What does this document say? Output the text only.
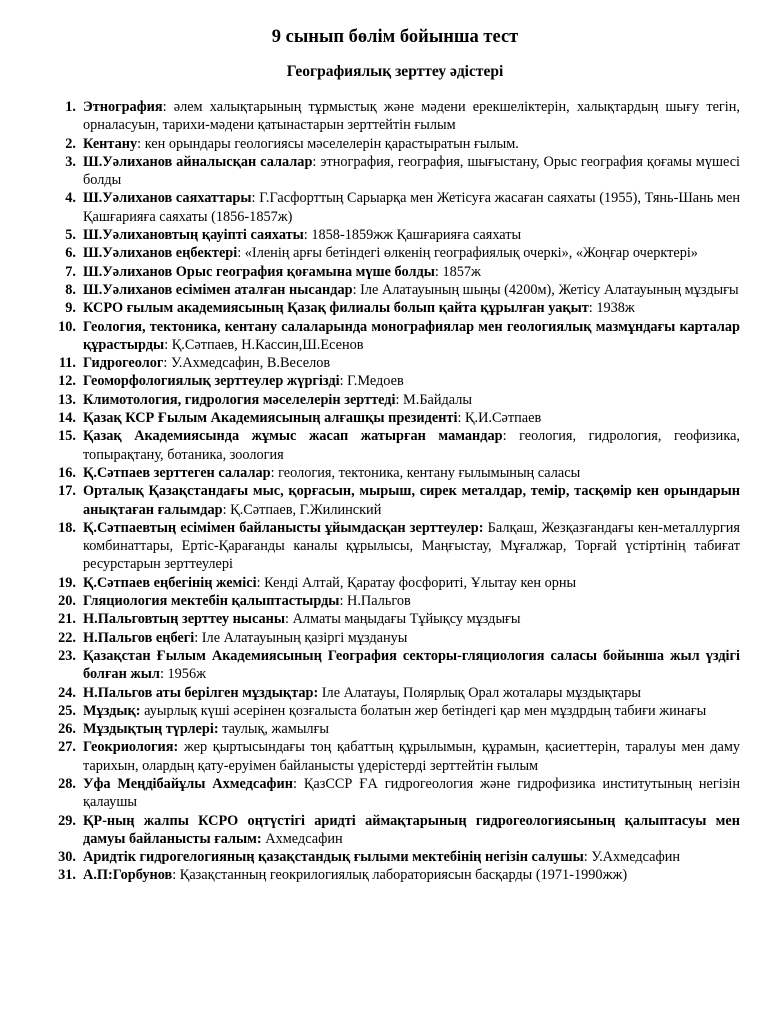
9 сынып бөлім бойынша тест
Географиялық зерттеу әдістері
1. Этнография: әлем халықтарының тұрмыстық және мәдени ерекшеліктерін, халықтардың шығу тегін, орналасуын, тарихи-мәдени қатынастарын зерттейтін ғылым
2. Кентану: кен орындары геологиясы мәселелерін қарастыратын ғылым.
3. Ш.Уәлиханов айналысқан салалар: этнография, география, шығыстану, Орыс география қоғамы мүшесі болды
4. Ш.Уәлиханов саяхаттары: Г.Гасфорттың Сарыарқа мен Жетісуға жасаған саяхаты (1955), Тянь-Шань мен Қашғарияға саяхаты (1856-1857ж)
5. Ш.Уәлихановтың қауіпті саяхаты: 1858-1859жж Қашғарияға саяхаты
6. Ш.Уәлиханов еңбектері: «Іленің арғы бетіндегі өлкенің географиялық очеркі», «Жоңғар очерктері»
7. Ш.Уәлиханов Орыс география қоғамына мүше болды: 1857ж
8. Ш.Уәлиханов есімімен аталған нысандар: Іле Алатауының шыңы (4200м), Жетісу Алатауының мұздығы
9. КСРО ғылым академиясының Қазақ филиалы болып қайта құрылған уақыт: 1938ж
10. Геология, тектоника, кентану салаларында монографиялар мен геологиялық мазмұндағы карталар құрастырды: Қ.Сәтпаев, Н.Кассин,Ш.Есенов
11. Гидрогеолог: У.Ахмедсафин, В.Веселов
12. Геоморфологиялық зерттеулер жүргізді: Г.Медоев
13. Климотология, гидрология мәселелерін зерттеді: М.Байдалы
14. Қазақ КСР Ғылым Академиясының алғашқы президенті: Қ.И.Сәтпаев
15. Қазақ Академиясында жұмыс жасап жатырған мамандар: геология, гидрология, геофизика, топырақтану, ботаника, зоология
16. Қ.Сәтпаев зерттеген салалар: геология, тектоника, кентану ғылымының саласы
17. Орталық Қазақстандағы мыс, қорғасын, мырыш, сирек металдар, темір, тасқөмір кен орындарын анықтаған ғалымдар: Қ.Сәтпаев, Г.Жилинский
18. Қ.Сәтпаевтың есімімен байланысты ұйымдасқан зерттеулер: Балқаш, Жезқазғандағы кен-металлургия комбинаттары, Ертіс-Қарағанды каналы құрылысы, Маңғыстау, Мұғалжар, Торғай үстіртінің табиғат ресурстарын зерттеулері
19. Қ.Сәтпаев еңбегінің жемісі: Кенді Алтай, Қаратау фосфориті, Ұлытау кен орны
20. Гляциология мектебін қалыптастырды: Н.Пальгов
21. Н.Пальговтың зерттеу нысаны: Алматы маңыдағы Тұйықсу мұздығы
22. Н.Пальгов еңбегі: Іле Алатауының қазіргі мұздануы
23. Қазақстан Ғылым Академиясының География секторы-гляциология саласы бойынша жыл үздігі болған жыл: 1956ж
24. Н.Пальгов аты берілген мұздықтар: Іле Алатауы, Полярлық Орал жоталары мұздықтары
25. Мұздық: ауырлық күші әсерінен қозғалыста болатын жер бетіндегі қар мен мұздрдың табиғи жинағы
26. Мұздықтың түрлері: таулық, жамылғы
27. Геокриология: жер қыртысындағы тоң қабаттың құрылымын, құрамын, қасиеттерін, таралуы мен даму тарихын, олардың қату-еруімен байланысты үдерістерді зерттейтін ғылым
28. Уфа Меңдібайұлы Ахмедсафин: ҚазССР ҒА гидрогеология және гидрофизика институтының негізін қалаушы
29. ҚР-ның жалпы КСРО оңтүстігі аридті аймақтарының гидрогеологиясының қалыптасуы мен дамуы байланысты ғалым: Ахмедсафин
30. Аридтік гидрогелогияның қазақстандық ғылыми мектебінің негізін салушы: У.Ахмедсафин
31. А.П:Горбунов: Қазақстанның геокрилогиялық лабораториясын басқарды (1971-1990жж)
